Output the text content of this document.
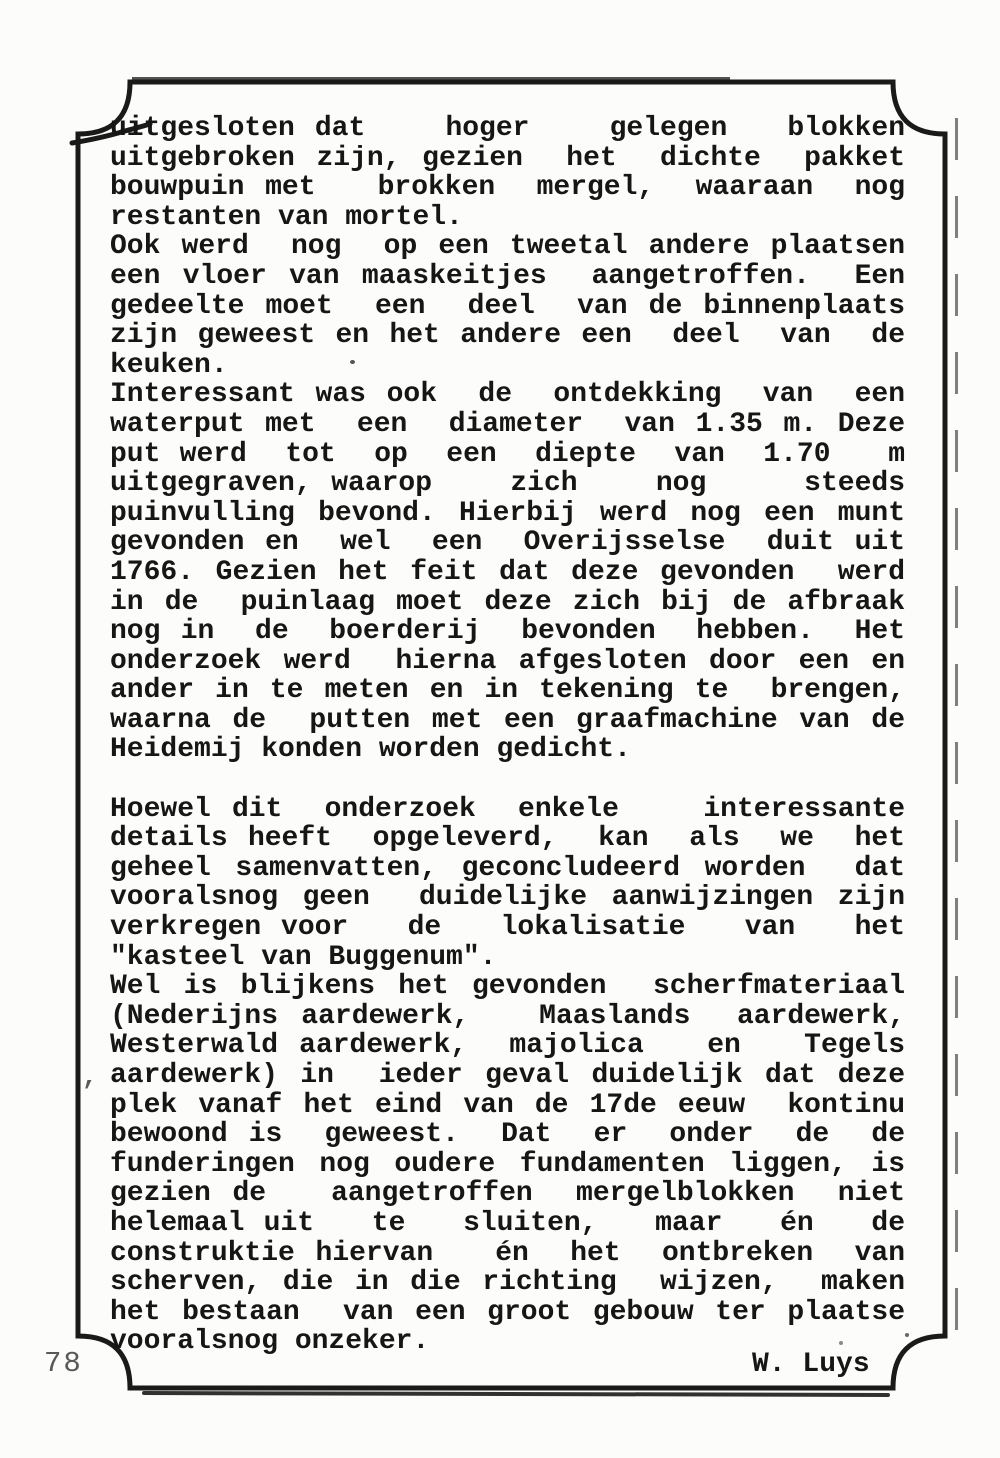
uitgesloten dat    hoger    gelegen   blokken
uitgebroken zijn, gezien  het  dichte  pakket
bouwpuin met   brokken  mergel,  waaraan  nog
restanten van mortel.
Ook werd  nog  op een tweetal andere plaatsen
een vloer van maaskeitjes  aangetroffen.  Een
gedeelte moet  een  deel  van de binnenplaats
zijn geweest en het andere een  deel  van  de
keuken.
Interessant was ook  de  ontdekking  van  een
waterput met  een  diameter  van 1.35 m. Deze
put werd  tot  op  een  diepte  van  1.70   m
uitgegraven, waarop    zich    nog     steeds
puinvulling bevond. Hierbij werd nog een munt
gevonden en  wel  een  Overijsselse  duit uit
1766. Gezien het feit dat deze gevonden  werd
in de  puinlaag moet deze zich bij de afbraak
nog in  de  boerderij  bevonden  hebben.  Het
onderzoek werd  hierna afgesloten door een en
ander in te meten en in tekening te  brengen,
waarna de  putten met een graafmachine van de
Heidemij konden worden gedicht.

Hoewel dit  onderzoek  enkele    interessante
details heeft  opgeleverd,  kan  als  we  het
geheel samenvatten, geconcludeerd worden  dat
vooralsnog geen  duidelijke aanwijzingen zijn
verkregen voor   de   lokalisatie   van   het
"kasteel van Buggenum".
Wel is blijkens het gevonden  scherfmateriaal
(Nederijns aardewerk,   Maaslands  aardewerk,
Westerwald aardewerk,  majolica   en   Tegels
aardewerk) in  ieder geval duidelijk dat deze
plek vanaf het eind van de 17de eeuw  kontinu
bewoond is  geweest.  Dat  er  onder  de  de
funderingen nog oudere fundamenten liggen, is
gezien de   aangetroffen  mergelblokken  niet
helemaal uit   te   sluiten,   maar   én   de
construktie hiervan   én  het  ontbreken  van
scherven, die in die richting  wijzen,  maken
het bestaan  van een groot gebouw ter plaatse
vooralsnog onzeker.
W. Luys
78
,
